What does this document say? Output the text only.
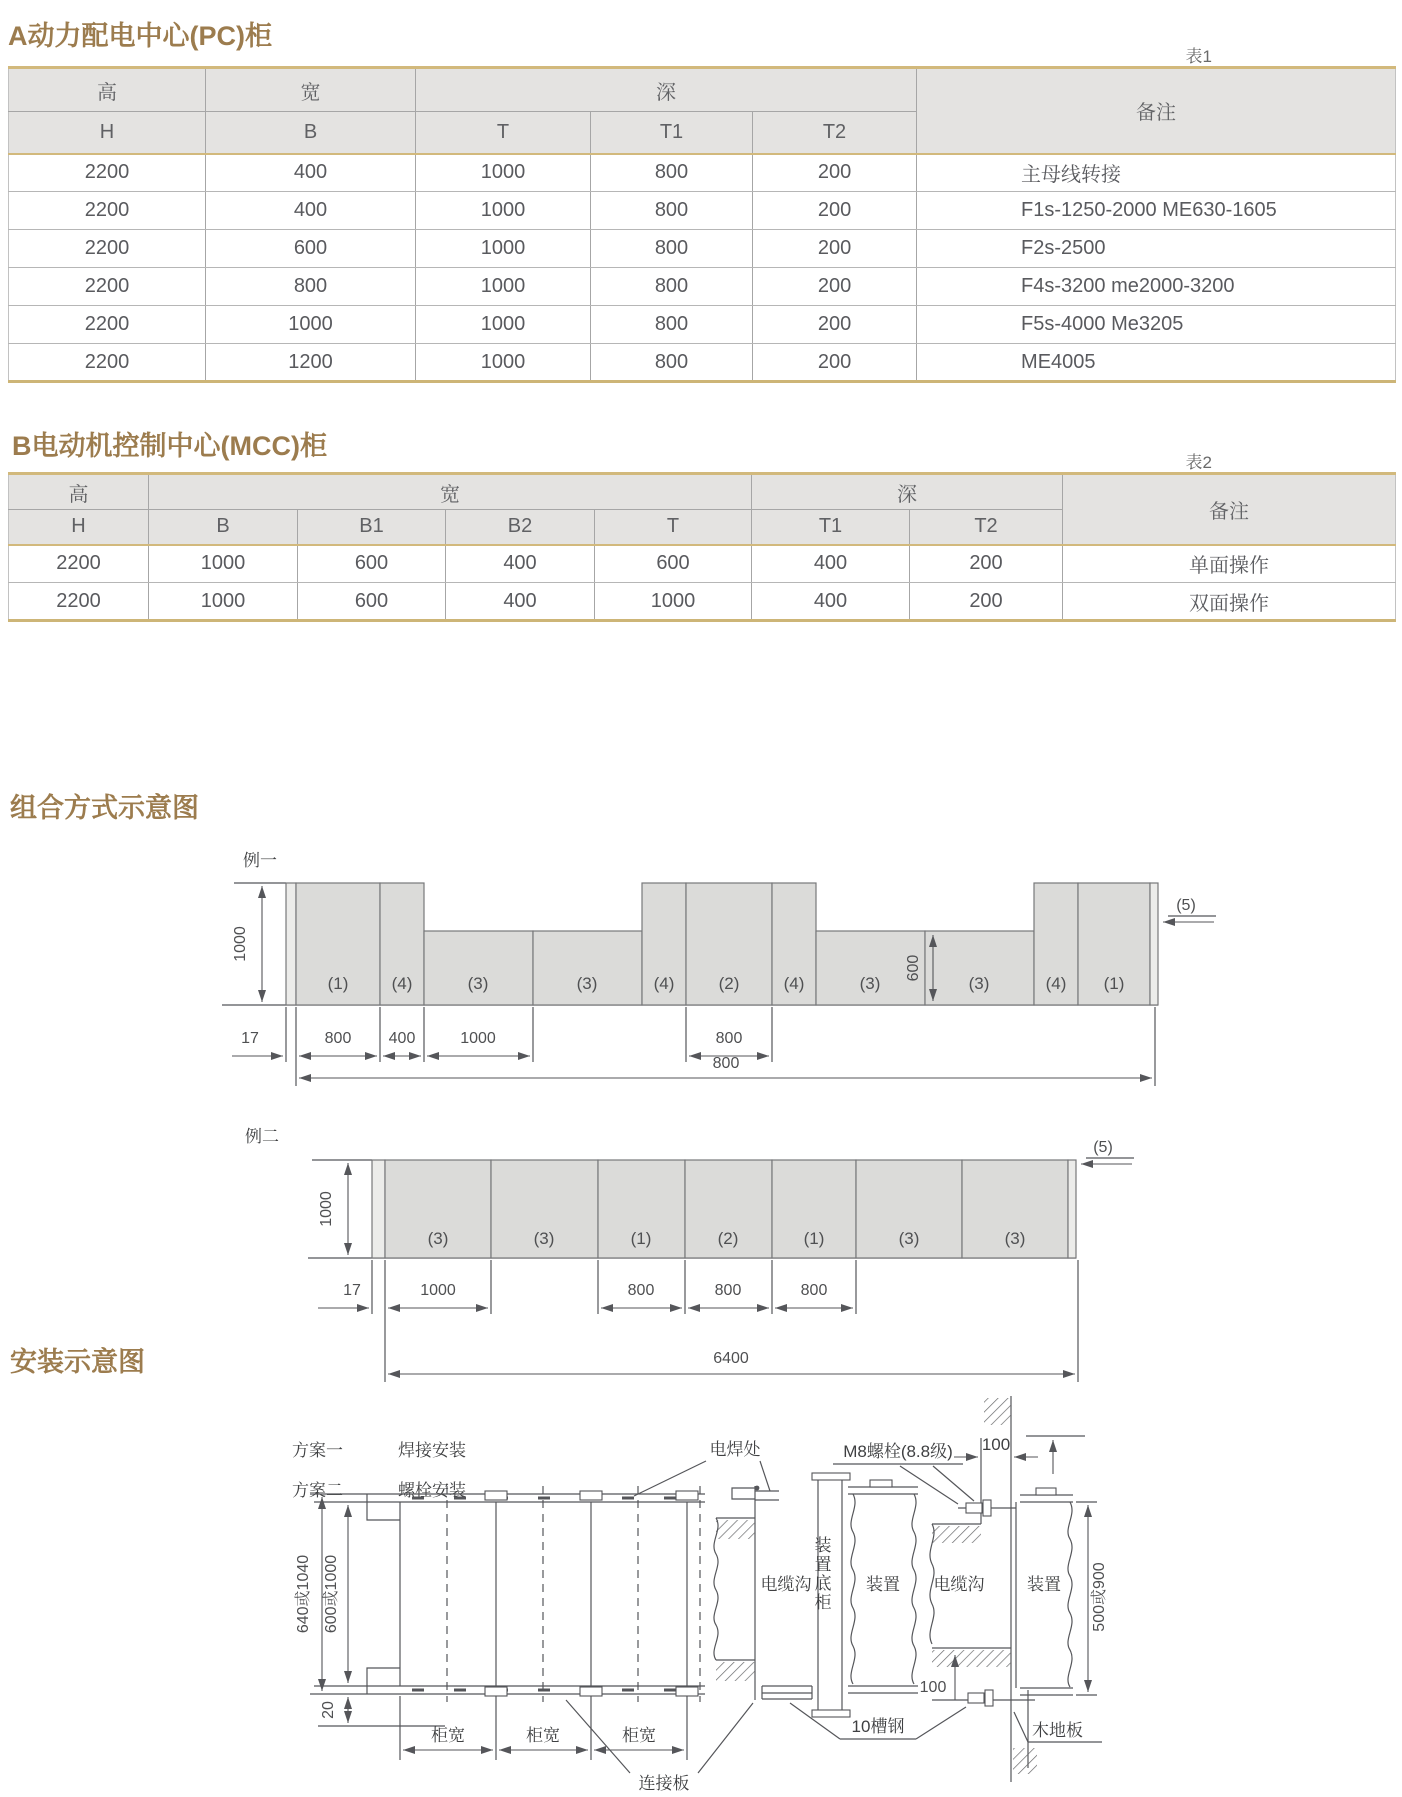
A动力配电中心(PC)柜
表1
高	宽	深			备注
H	B	T	T1	T2	
2200	400	1000	800	200	主母线转接
2200	400	1000	800	200	F1s-1250-2000 ME630-1605
2200	600	1000	800	200	F2s-2500
2200	800	1000	800	200	F4s-3200 me2000-3200
2200	1000	1000	800	200	F5s-4000 Me3205
2200	1200	1000	800	200	ME4005
B电动机控制中心(MCC)柜
表2
高	宽				深		备注
H	B	B1	B2	T	T1	T2	
2200	1000	600	400	600	400	200	单面操作
2200	1000	600	400	1000	400	200	双面操作
组合方式示意图
安装示意图
例一
1000
(1)	(4)	(3)	(3)	(4)	(2)	(4)	(3)	(3)	(4) (1)
600
17	800 400	1000	800
800
(5)
例二
1000
(3)	(3)	(1)	(2)	(1)	(3)	(3)
17	1000	800	800	800
6400
(5)
方案一	焊接安装
方案二	螺栓安装
640或1040 600或1000
20
柜宽	柜宽	柜宽
电焊处
电缆沟 装置底柜 装置
M8螺栓(8.8级) 100
电缆沟	装置 500或900
100
木地板
10槽钢
连接板
